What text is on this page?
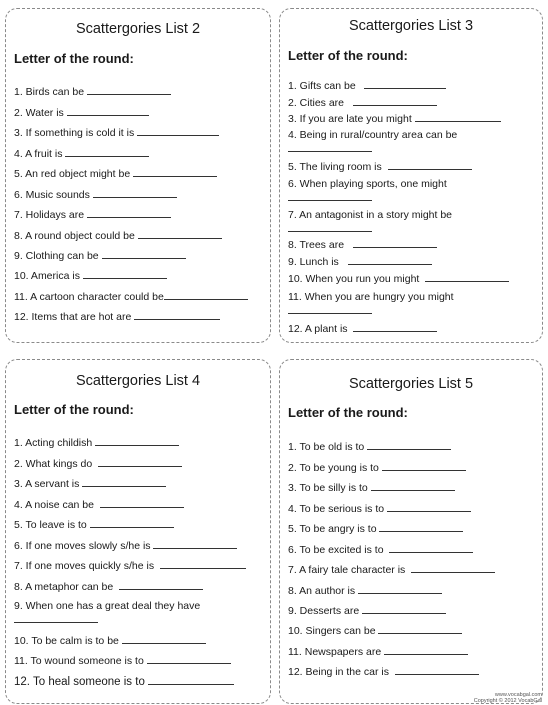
Scattergories List 2
Letter of the round:
1. Birds can be
2. Water is
3. If something is cold it is
4. A fruit is
5. An red object might be
6. Music sounds
7. Holidays are
8. A round object could be
9. Clothing can be
10. America is
11. A cartoon character could be
12. Items that are hot are
Scattergories List 3
Letter of the round:
1. Gifts can be
2. Cities are
3. If you are late you might
4. Being in rural/country area can be
5. The living room is
6. When playing sports, one might
7. An antagonist in a story might be
8. Trees are
9. Lunch is
10. When you run you might
11. When you are hungry you might
12. A plant is
Scattergories List 4
Letter of the round:
1. Acting childish
2. What kings do
3. A servant is
4. A noise can be
5. To leave is to
6. If one moves slowly s/he is
7. If one moves quickly s/he is
8. A metaphor can be
9. When one has a great deal they have
10. To be calm is to be
11. To wound someone is to
12. To heal someone is to
Scattergories List 5
Letter of the round:
1. To be old is to
2. To be young is to
3. To be silly is to
4. To be serious is to
5. To be angry is to
6. To be excited is to
7. A fairy tale character is
8. An author is
9. Desserts are
10. Singers can be
11. Newspapers are
12. Being in the car is
www.vocabgal.com
Copyright © 2012 VocabGal
